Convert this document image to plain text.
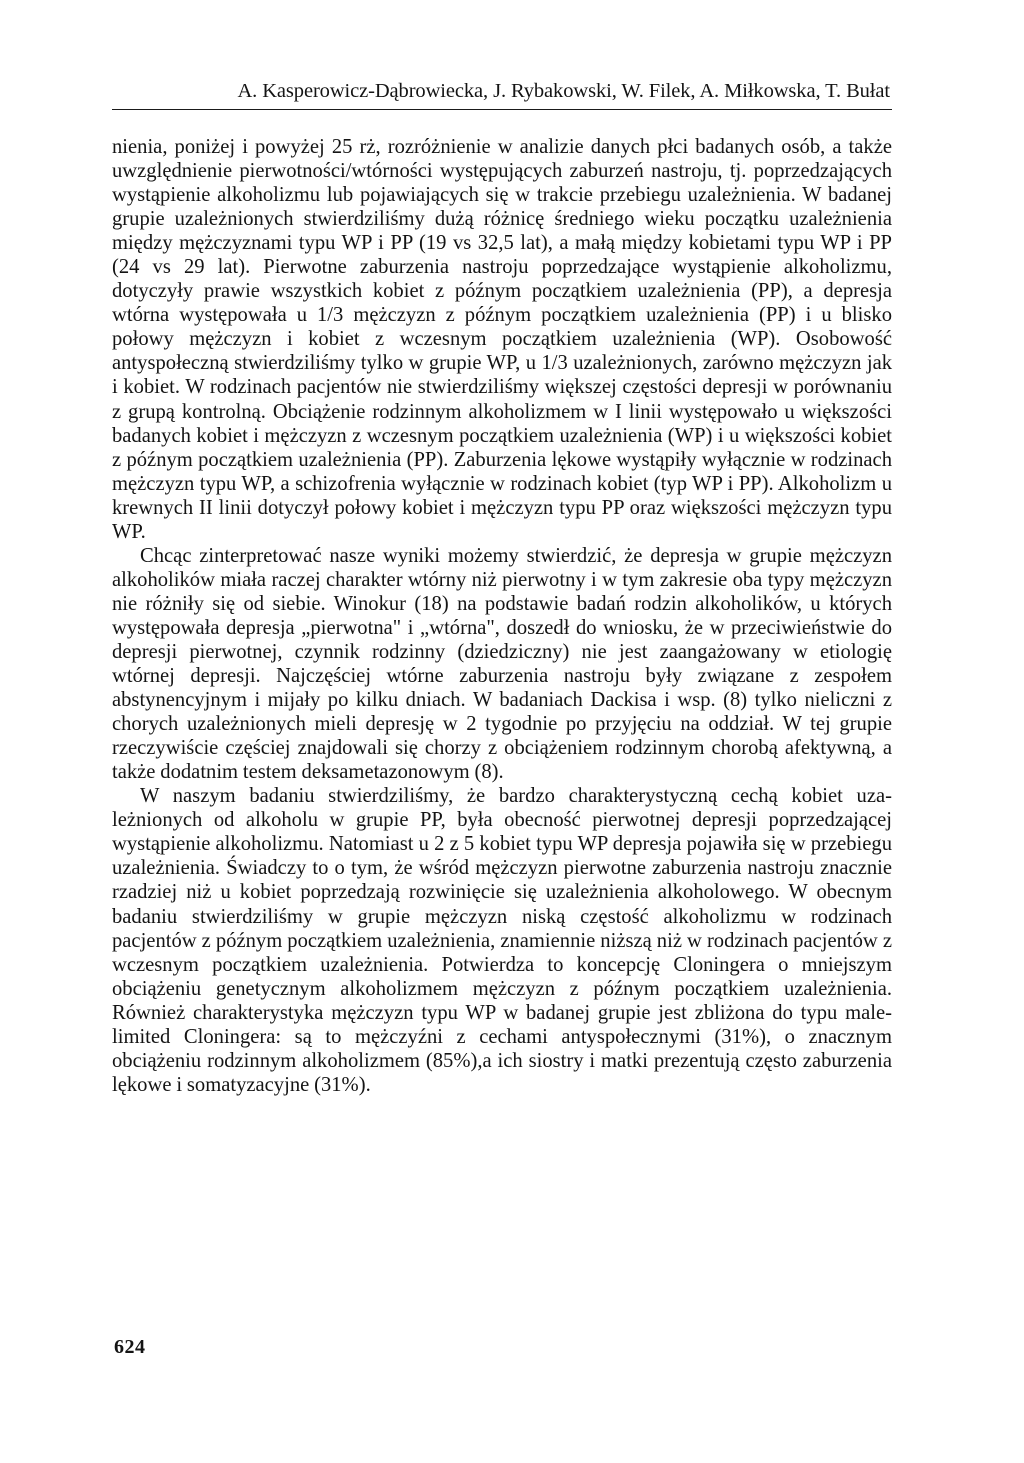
A. Kasperowicz-Dąbrowiecka, J. Rybakowski, W. Filek, A. Miłkowska, T. Bułat

nienia, poniżej i powyżej 25 rż, rozróżnienie w analizie danych płci badanych osób, a także uwzględnienie pierwotności/wtórności występujących zaburzeń nastroju, tj. poprzedzających wystąpienie alkoholizmu lub pojawiających się w trakcie przebiegu uzależnienia. W badanej grupie uzależnionych stwierdziliśmy dużą różnicę średniego wieku początku uzależnienia między mężczyznami typu WP i PP (19 vs 32,5 lat), a małą między kobietami typu WP i PP (24 vs 29 lat). Pierwotne zaburzenia nastroju poprzedzające wystąpienie alkoholizmu, dotyczyły prawie wszystkich kobiet z późnym początkiem uzależnienia (PP), a depresja wtórna występowała u 1/3 mężczyzn z późnym początkiem uzależnienia (PP) i u blisko połowy mężczyzn i kobiet z wczesnym początkiem uzależnienia (WP). Osobowość antyspołeczną stwierdziliśmy tylko w grupie WP, u 1/3 uzależnionych, zarówno mężczyzn jak i kobiet. W rodzinach pacjentów nie stwierdziliśmy większej częstości depresji w porównaniu z grupą kontrolną. Obciążenie rodzinnym alkoholizmem w I linii występowało u większości badanych kobiet i mężczyzn z wczesnym początkiem uzależnienia (WP) i u większości kobiet z późnym początkiem uzależnienia (PP). Zaburzenia lękowe wystąpiły wyłącznie w rodzinach mężczyzn typu WP, a schizofrenia wyłącznie w rodzinach kobiet (typ WP i PP). Alkoholizm u krewnych II linii dotyczył połowy kobiet i mężczyzn typu PP oraz większości mężczyzn typu WP.

Chcąc zinterpretować nasze wyniki możemy stwierdzić, że depresja w grupie mężczyzn alkoholików miała raczej charakter wtórny niż pierwotny i w tym zakresie oba typy mężczyzn nie różniły się od siebie. Winokur (18) na podstawie badań rodzin alkoholików, u których występowała depresja „pierwotna" i „wtórna", doszedł do wniosku, że w przeciwieństwie do depresji pierwotnej, czynnik rodzinny (dziedziczny) nie jest zaangażowany w etiologię wtórnej depresji. Najczęściej wtórne zaburzenia nastroju były związane z zespołem abstynencyjnym i mijały po kilku dniach. W badaniach Dackisa i wsp. (8) tylko nieliczni z chorych uzależnionych mieli depresję w 2 tygodnie po przyjęciu na oddział. W tej grupie rzeczywiście częściej znajdowali się chorzy z obciążeniem rodzinnym chorobą afektywną, a także dodatnim testem deksametazonowym (8).

W naszym badaniu stwierdziliśmy, że bardzo charakterystyczną cechą kobiet uzależnionych od alkoholu w grupie PP, była obecność pierwotnej depresji poprzedzającej wystąpienie alkoholizmu. Natomiast u 2 z 5 kobiet typu WP depresja pojawiła się w przebiegu uzależnienia. Świadczy to o tym, że wśród mężczyzn pierwotne zaburzenia nastroju znacznie rzadziej niż u kobiet poprzedzają rozwinięcie się uzależnienia alkoholowego. W obecnym badaniu stwierdziliśmy w grupie mężczyzn niską częstość alkoholizmu w rodzinach pacjentów z późnym początkiem uzależnienia, znamiennie niższą niż w rodzinach pacjentów z wczesnym początkiem uzależnienia. Potwierdza to koncepcję Cloningera o mniejszym obciążeniu genetycznym alkoholizmem mężczyzn z późnym początkiem uzależnienia. Również charakterystyka mężczyzn typu WP w badanej grupie jest zbliżona do typu male-limited Cloningera: są to mężczyźni z cechami antyspołecznymi (31%), o znacznym obciążeniu rodzinnym alkoholizmem (85%),a ich siostry i matki prezentują często zaburzenia lękowe i somatyzacyjne (31%).

624
